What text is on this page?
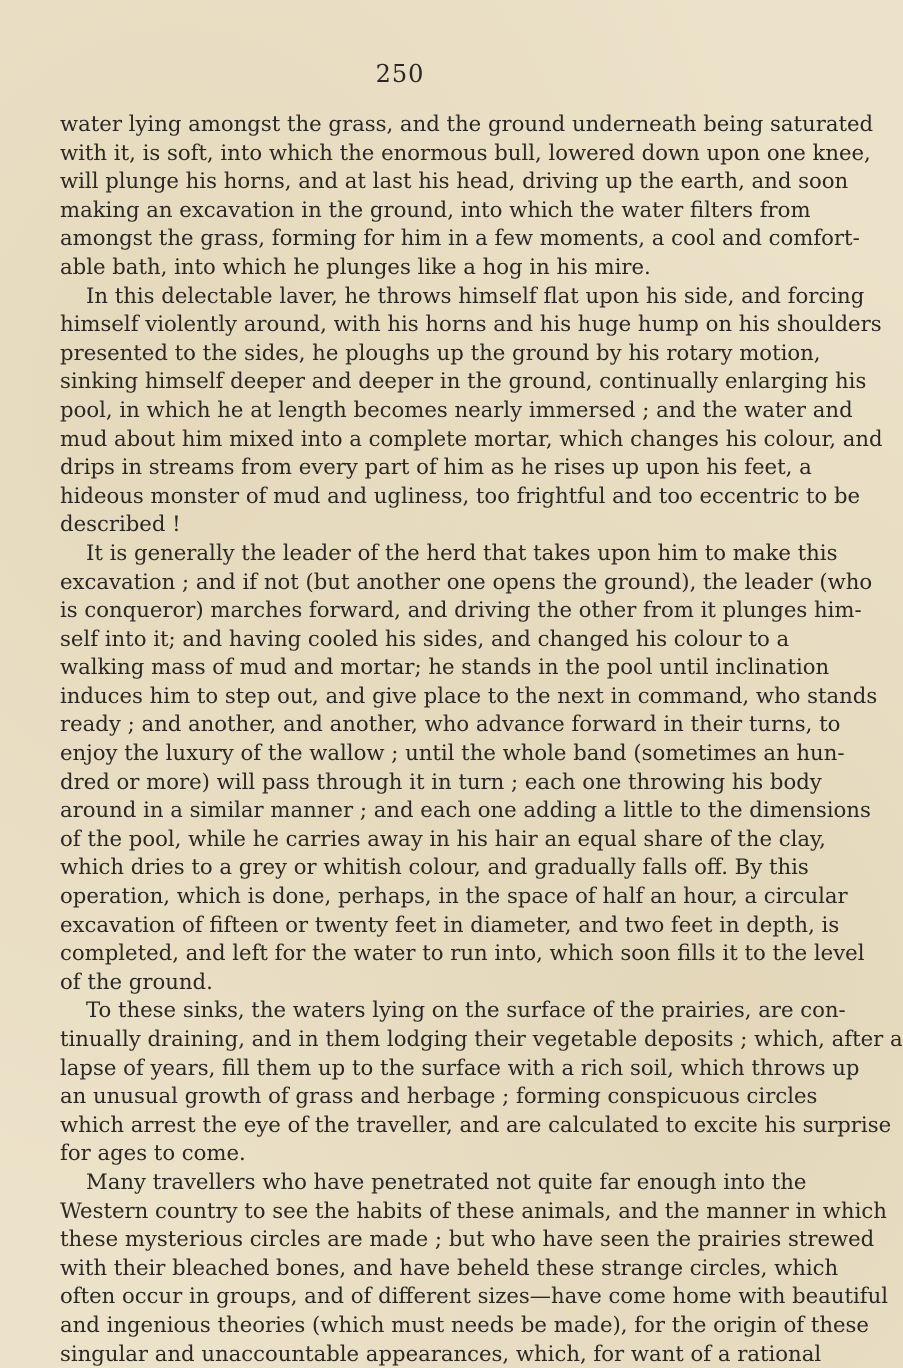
250
water lying amongst the grass, and the ground underneath being saturated
with it, is soft, into which the enormous bull, lowered down upon one knee,
will plunge his horns, and at last his head, driving up the earth, and soon
making an excavation in the ground, into which the water filters from
amongst the grass, forming for him in a few moments, a cool and comfort-
able bath, into which he plunges like a hog in his mire.
In this delectable laver, he throws himself flat upon his side, and forcing
himself violently around, with his horns and his huge hump on his shoulders
presented to the sides, he ploughs up the ground by his rotary motion,
sinking himself deeper and deeper in the ground, continually enlarging his
pool, in which he at length becomes nearly immersed ; and the water and
mud about him mixed into a complete mortar, which changes his colour, and
drips in streams from every part of him as he rises up upon his feet, a
hideous monster of mud and ugliness, too frightful and too eccentric to be
described !
It is generally the leader of the herd that takes upon him to make this
excavation ; and if not (but another one opens the ground), the leader (who
is conqueror) marches forward, and driving the other from it plunges him-
self into it; and having cooled his sides, and changed his colour to a
walking mass of mud and mortar; he stands in the pool until inclination
induces him to step out, and give place to the next in command, who stands
ready ; and another, and another, who advance forward in their turns, to
enjoy the luxury of the wallow ; until the whole band (sometimes an hun-
dred or more) will pass through it in turn ; each one throwing his body
around in a similar manner ; and each one adding a little to the dimensions
of the pool, while he carries away in his hair an equal share of the clay,
which dries to a grey or whitish colour, and gradually falls off. By this
operation, which is done, perhaps, in the space of half an hour, a circular
excavation of fifteen or twenty feet in diameter, and two feet in depth, is
completed, and left for the water to run into, which soon fills it to the level
of the ground.
To these sinks, the waters lying on the surface of the prairies, are con-
tinually draining, and in them lodging their vegetable deposits ; which, after a
lapse of years, fill them up to the surface with a rich soil, which throws up
an unusual growth of grass and herbage ; forming conspicuous circles
which arrest the eye of the traveller, and are calculated to excite his surprise
for ages to come.
Many travellers who have penetrated not quite far enough into the
Western country to see the habits of these animals, and the manner in which
these mysterious circles are made ; but who have seen the prairies strewed
with their bleached bones, and have beheld these strange circles, which
often occur in groups, and of different sizes—have come home with beautiful
and ingenious theories (which must needs be made), for the origin of these
singular and unaccountable appearances, which, for want of a rational
